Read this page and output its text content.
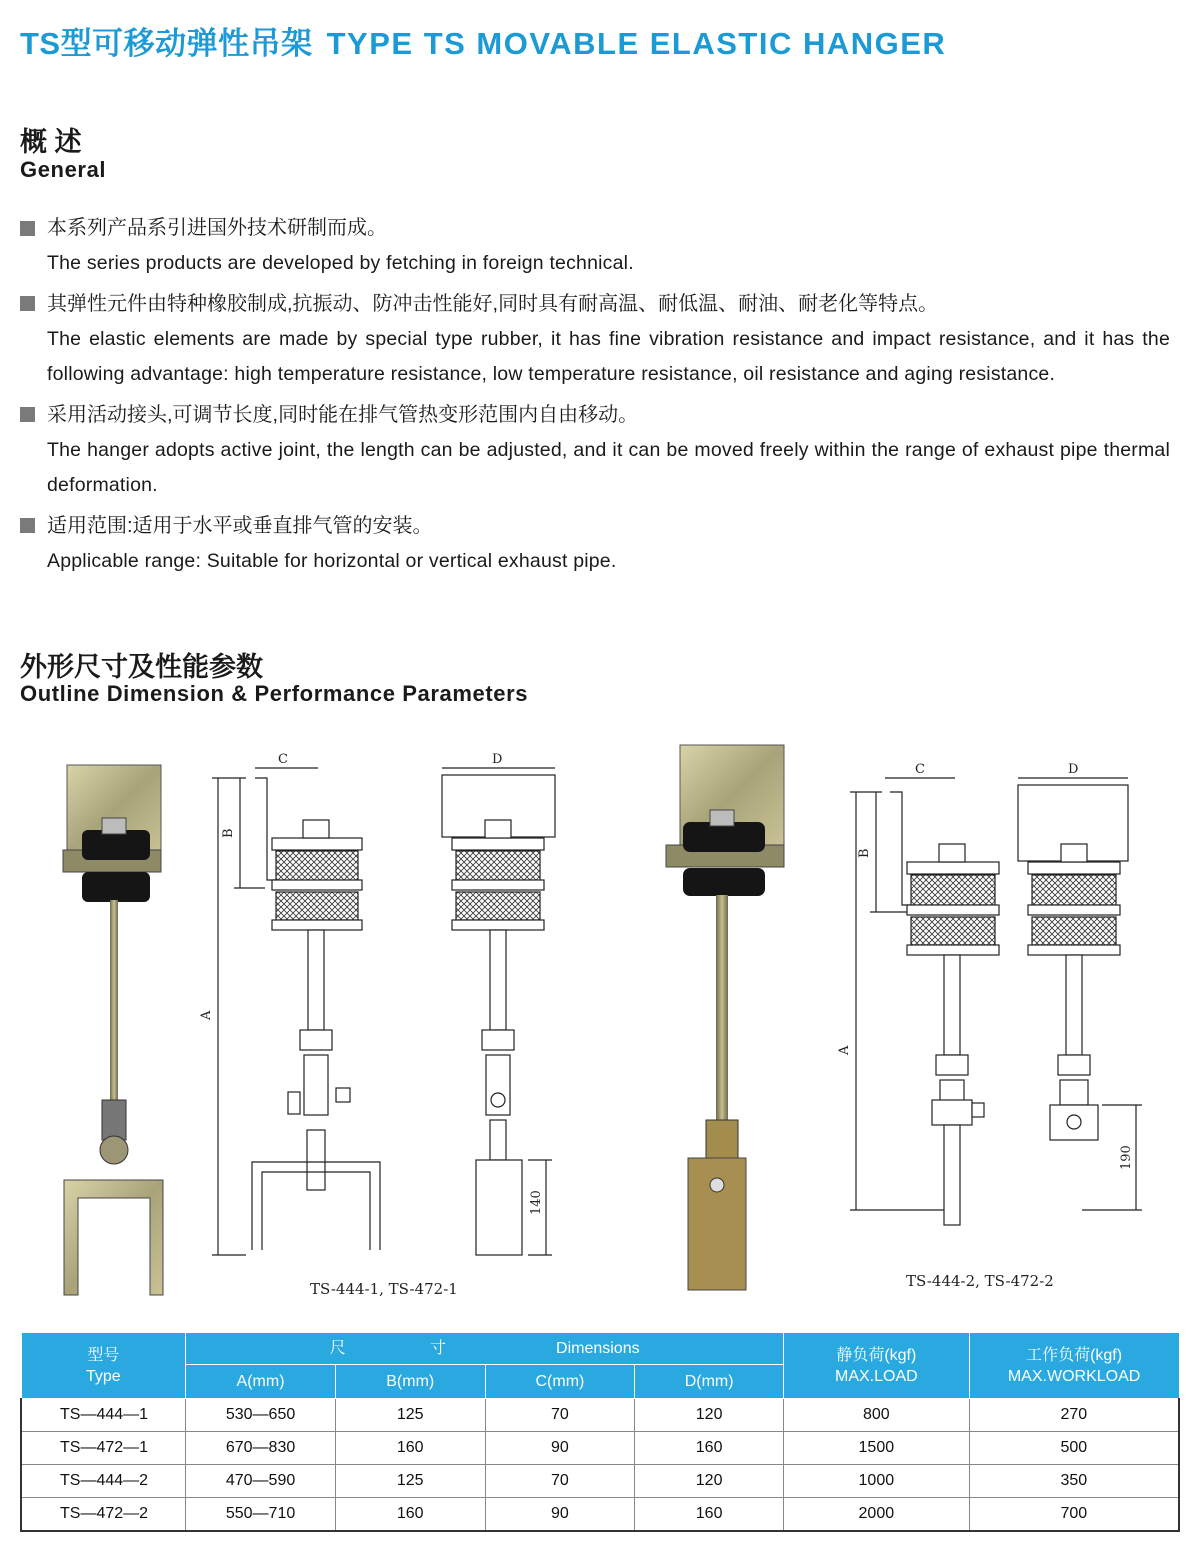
TS型可移动弹性吊架 TYPE TS MOVABLE ELASTIC HANGER
概 述
General
本系列产品系引进国外技术研制而成。
The series products are developed by fetching in foreign technical.
其弹性元件由特种橡胶制成,抗振动、防冲击性能好,同时具有耐高温、耐低温、耐油、耐老化等特点。
The elastic elements are made by special type rubber, it has fine vibration resistance and impact resistance, and it has the following advantage: high temperature resistance, low temperature resistance, oil resistance and aging resistance.
采用活动接头,可调节长度,同时能在排气管热变形范围内自由移动。
The hanger adopts active joint, the length can be adjusted, and it can be moved freely within the range of exhaust pipe thermal deformation.
适用范围:适用于水平或垂直排气管的安装。
Applicable range: Suitable for horizontal or vertical exhaust pipe.
外形尺寸及性能参数
Outline Dimension & Performance Parameters
C	D
A
B
140
C	D
A
B
190
TS-444-1, TS-472-1	TS-444-2, TS-472-2
型号
Type	尺 寸 Dimensions				静负荷(kgf)
MAX.LOAD	工作负荷(kgf)
MAX.WORKLOAD
	A(mm)	B(mm)	C(mm)	D(mm)		
TS—444—1	530—650	125	70	120	800	270
TS—472—1	670—830	160	90	160	1500	500
TS—444—2	470—590	125	70	120	1000	350
TS—472—2	550—710	160	90	160	2000	700
